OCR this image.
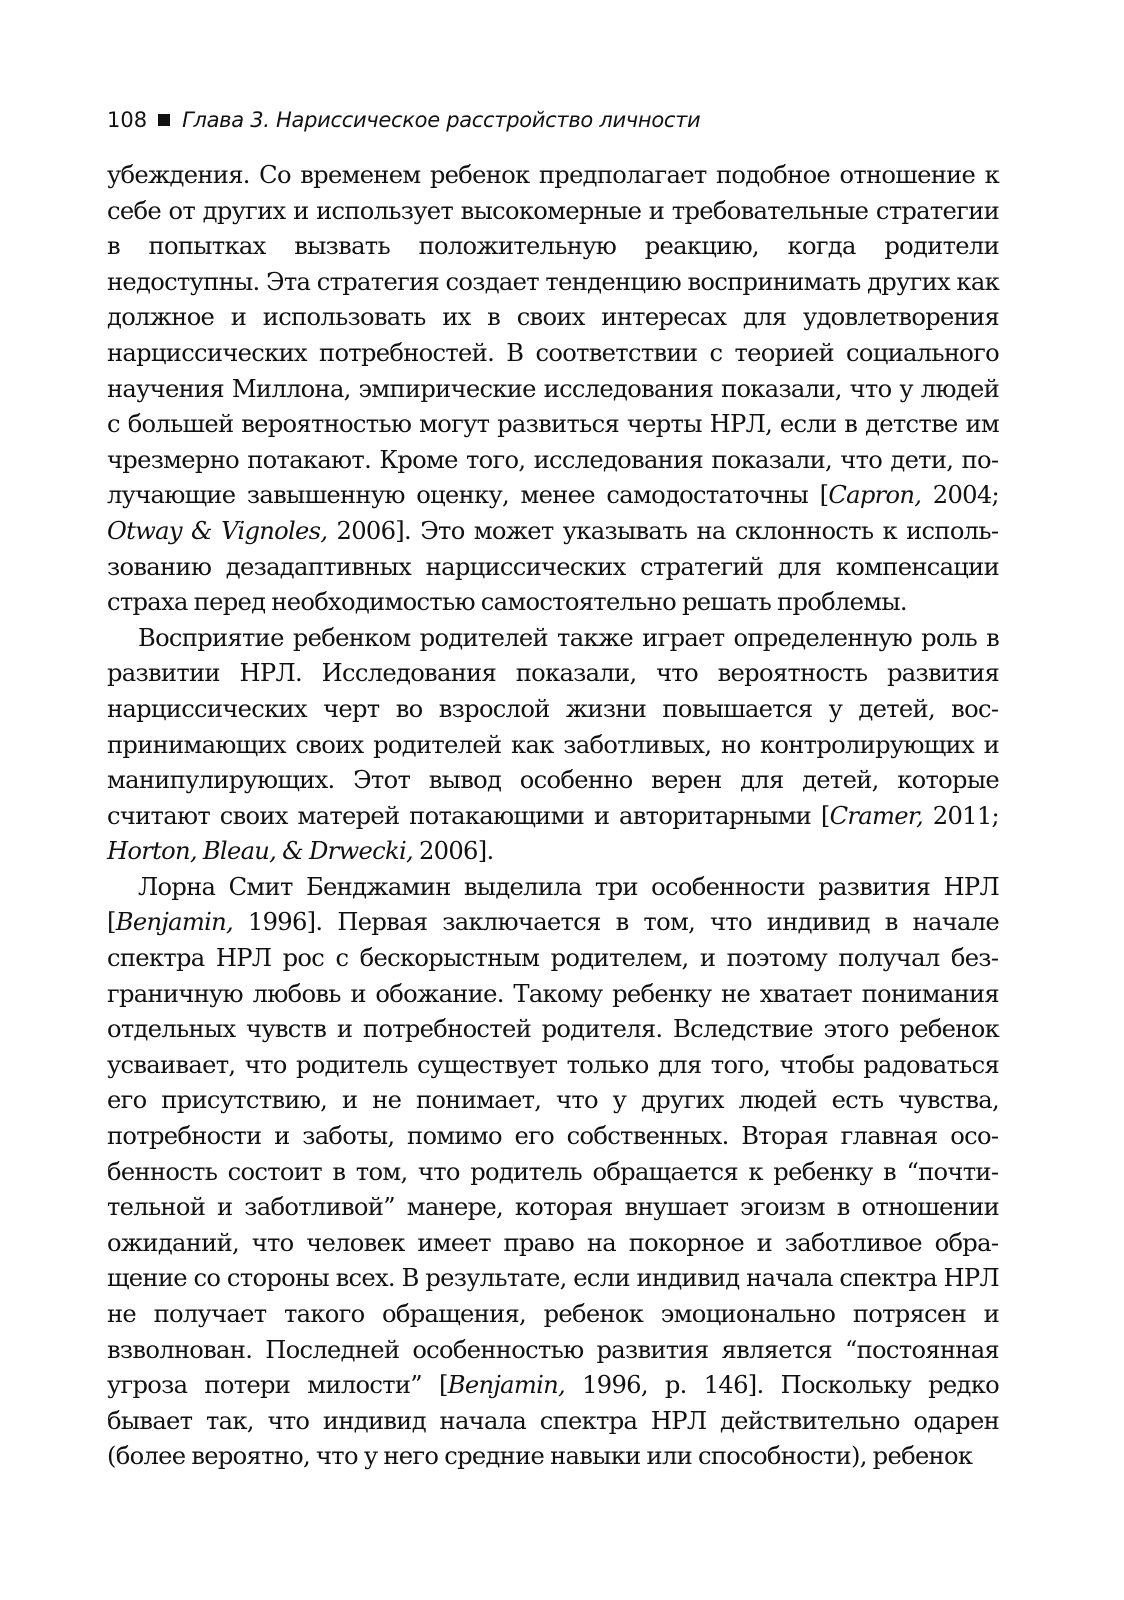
108 Глава 3. Нариссическое расстройство личности

убеждения. Со временем ребенок предполагает подобное отношение к себе от других и использует высокомерные и требовательные стратегии в попытках вызвать положительную реакцию, когда родители недоступны. Эта стратегия создает тенденцию воспринимать других как должное и использовать их в своих интересах для удовлетворения нарциссических потребностей. В соответствии с теорией социального научения Миллона, эмпирические исследования показали, что у людей с большей вероятностью могут развиться черты НРЛ, если в детстве им чрезмерно потакают. Кроме того, исследования показали, что дети, получающие завышенную оценку, менее самодостаточны [Capron, 2004; Otway & Vignoles, 2006]. Это может указывать на склонность к использованию дезадаптивных нарциссических стратегий для компенсации страха перед необходимостью самостоятельно решать проблемы.

Восприятие ребенком родителей также играет определенную роль в развитии НРЛ. Исследования показали, что вероятность развития нарциссических черт во взрослой жизни повышается у детей, воспринимающих своих родителей как заботливых, но контролирующих и манипулирующих. Этот вывод особенно верен для детей, которые считают своих матерей потакающими и авторитарными [Cramer, 2011; Horton, Bleau, & Drwecki, 2006].

Лорна Смит Бенджамин выделила три особенности развития НРЛ [Benjamin, 1996]. Первая заключается в том, что индивид в начале спектра НРЛ рос с бескорыстным родителем, и поэтому получал безграничную любовь и обожание. Такому ребенку не хватает понимания отдельных чувств и потребностей родителя. Вследствие этого ребенок усваивает, что родитель существует только для того, чтобы радоваться его присутствию, и не понимает, что у других людей есть чувства, потребности и заботы, помимо его собственных. Вторая главная особенность состоит в том, что родитель обращается к ребенку в “почтительной и заботливой” манере, которая внушает эгоизм в отношении ожиданий, что человек имеет право на покорное и заботливое обращение со стороны всех. В результате, если индивид начала спектра НРЛ не получает такого обращения, ребенок эмоционально потрясен и взволнован. Последней особенностью развития является “постоянная угроза потери милости” [Benjamin, 1996, p. 146]. Поскольку редко бывает так, что индивид начала спектра НРЛ действительно одарен (более вероятно, что у него средние навыки или способности), ребенок
